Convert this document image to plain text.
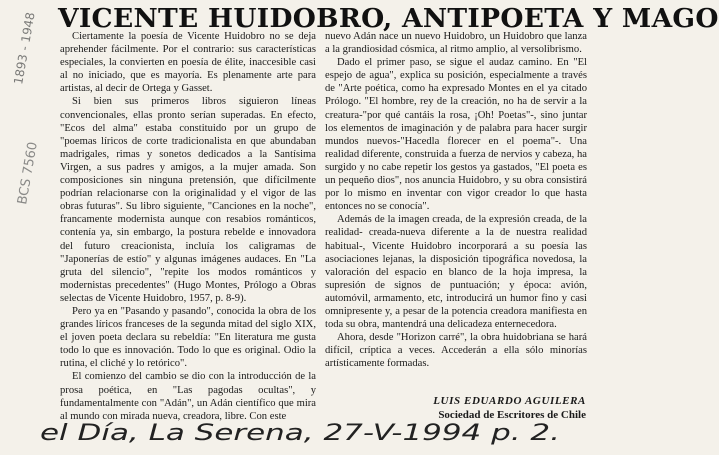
VICENTE HUIDOBRO, ANTIPOETA Y MAGO

Ciertamente la poesía de Vicente Huidobro no se deja aprehender fácilmente. Por el contrario: sus características especiales, la convierten en poesía de élite, inaccesible casi al no iniciado, que es mayoría. Es plenamente arte para artistas, al decir de Ortega y Gasset.

Si bien sus primeros libros siguieron líneas convencionales, ellas pronto serían superadas. En efecto, "Ecos del alma" estaba constituido por un grupo de "poemas líricos de corte tradicionalista en que abundaban madrigales, rimas y sonetos dedicados a la Santísima Virgen, a sus padres y amigos, a la mujer amada. Son composiciones sin ninguna pretensión, que difícilmente podrían relacionarse con la originalidad y el vigor de las obras futuras". Su libro siguiente, "Canciones en la noche", francamente modernista aunque con resabios románticos, contenía ya, sin embargo, la postura rebelde e innovadora del futuro creacionista, incluía los caligramas de "Japonerías de estío" y algunas imágenes audaces. En "La gruta del silencio", "repite los modos románticos y modernistas precedentes" (Hugo Montes, Prólogo a Obras selectas de Vicente Huidobro, 1957, p. 8-9).

Pero ya en "Pasando y pasando", conocida la obra de los grandes líricos franceses de la segunda mitad del siglo XIX, el joven poeta declara su rebeldía: "En literatura me gusta todo lo que es innovación. Todo lo que es original. Odio la rutina, el cliché y lo retórico".

El comienzo del cambio se dio con la introducción de la prosa poética, en "Las pagodas ocultas", y fundamentalmente con "Adán", un Adán científico que mira al mundo con mirada nueva, creadora, libre. Con este

nuevo Adán nace un nuevo Huidobro, un Huidobro que lanza a la grandiosidad cósmica, al ritmo amplio, al versolibrismo.

Dado el primer paso, se sigue el audaz camino. En "El espejo de agua", explica su posición, especialmente a través de "Arte poética, como ha expresado Montes en el ya citado Prólogo. "El hombre, rey de la creación, no ha de servir a la creatura-"por qué cantáis la rosa, ¡Oh! Poetas"-, sino juntar los elementos de imaginación y de palabra para hacer surgir mundos nuevos-"Hacedla florecer en el poema"-. Una realidad diferente, construida a fuerza de nervios y cabeza, ha surgido y no cabe repetir los gestos ya gastados, "El poeta es un pequeño dios", nos anuncia Huidobro, y su obra consistirá por lo mismo en inventar con vigor creador lo que hasta entonces no se conocía".

Además de la imagen creada, de la expresión creada, de la realidad- creada-nueva diferente a la de nuestra realidad habitual-, Vicente Huidobro incorporará a su poesía las asociaciones lejanas, la disposición tipográfica novedosa, la valoración del espacio en blanco de la hoja impresa, la supresión de signos de puntuación; y época: avión, automóvil, armamento, etc, introducirá un humor fino y casi omnipresente y, a pesar de la potencia creadora manifiesta en toda su obra, mantendrá una delicadeza enternecedora.

Ahora, desde "Horizon carré", la obra huidobriana se hará difícil, críptica a veces. Accederán a ella sólo minorías artísticamente formadas.

LUIS EDUARDO AGUILERA
Sociedad de Escritores de Chile
1893 - 1948
BCS 7560
el Día, La Serena, 27-V-1994 p. 2.
